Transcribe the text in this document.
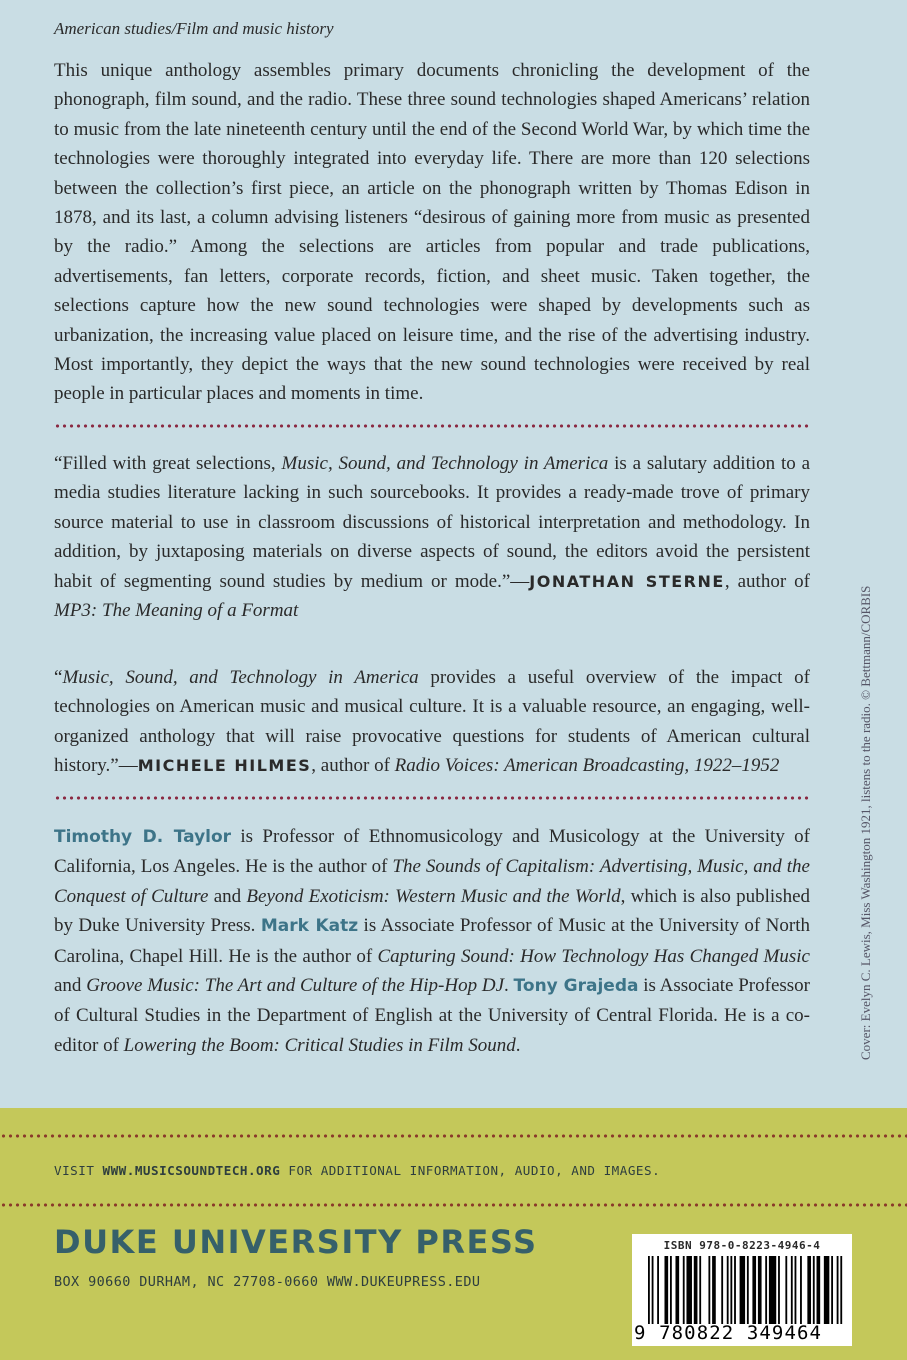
American studies/Film and music history

This unique anthology assembles primary documents chronicling the development of the phonograph, film sound, and the radio. These three sound technologies shaped Americans’ relation to music from the late nineteenth century until the end of the Second World War, by which time the technologies were thoroughly integrated into everyday life. There are more than 120 selections between the collection’s first piece, an article on the phonograph written by Thomas Edison in 1878, and its last, a column advising listeners “desirous of gaining more from music as presented by the radio.” Among the selections are articles from popular and trade publications, advertisements, fan letters, corporate records, fiction, and sheet music. Taken together, the selections capture how the new sound technologies were shaped by developments such as urbanization, the increasing value placed on leisure time, and the rise of the advertising industry. Most importantly, they depict the ways that the new sound technologies were received by real people in particular places and moments in time.

“Filled with great selections, Music, Sound, and Technology in America is a salutary addition to a media studies literature lacking in such sourcebooks. It provides a ready-made trove of primary source material to use in classroom discussions of historical interpretation and methodology. In addition, by juxtaposing materials on diverse aspects of sound, the editors avoid the persistent habit of segmenting sound studies by medium or mode.”—JONATHAN STERNE, author of MP3: The Meaning of a Format

“Music, Sound, and Technology in America provides a useful overview of the impact of technologies on American music and musical culture. It is a valuable resource, an engaging, well-organized anthology that will raise provocative questions for students of American cultural history.”—MICHELE HILMES, author of Radio Voices: American Broadcasting, 1922–1952

Timothy D. Taylor is Professor of Ethnomusicology and Musicology at the University of California, Los Angeles. He is the author of The Sounds of Capitalism: Advertising, Music, and the Conquest of Culture and Beyond Exoticism: Western Music and the World, which is also published by Duke University Press. Mark Katz is Associate Professor of Music at the University of North Carolina, Chapel Hill. He is the author of Capturing Sound: How Technology Has Changed Music and Groove Music: The Art and Culture of the Hip-Hop DJ. Tony Grajeda is Associate Professor of Cultural Studies in the Department of English at the University of Central Florida. He is a co-editor of Lowering the Boom: Critical Studies in Film Sound.	Cover: Evelyn C. Lewis, Miss Washington 1921, listens to the radio. © Bettmann/CORBIS
VISIT WWW.MUSICSOUNDTECH.ORG FOR ADDITIONAL INFORMATION, AUDIO, AND IMAGES.
DUKE UNIVERSITY PRESS
BOX 90660 DURHAM, NC 27708-0660 WWW.DUKEUPRESS.EDU
ISBN 978-0-8223-4946-4
9 780822 349464
